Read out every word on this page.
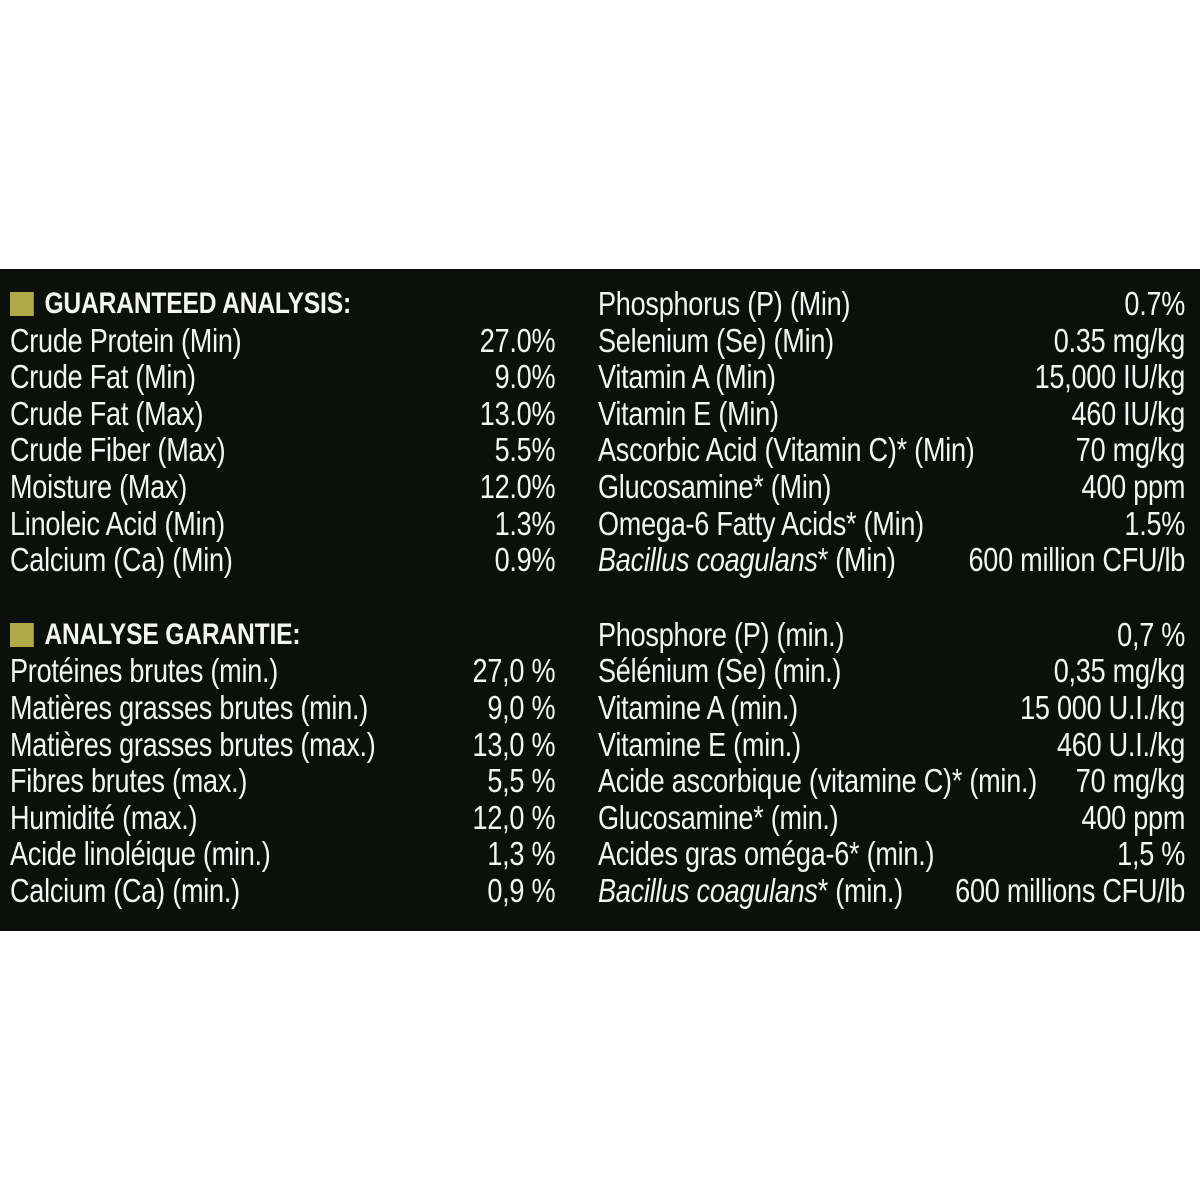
GUARANTEED ANALYSIS:
Crude Protein (Min)	27.0%
Crude Fat (Min)	9.0%
Crude Fat (Max)	13.0%
Crude Fiber (Max)	5.5%
Moisture (Max)	12.0%
Linoleic Acid (Min)	1.3%
Calcium (Ca) (Min)	0.9%
Phosphorus (P) (Min)	0.7%
Selenium (Se) (Min)	0.35 mg/kg
Vitamin A (Min)	15,000 IU/kg
Vitamin E (Min)	460 IU/kg
Ascorbic Acid (Vitamin C)* (Min)	70 mg/kg
Glucosamine* (Min)	400 ppm
Omega-6 Fatty Acids* (Min)	1.5%
Bacillus coagulans* (Min) 600 million CFU/lb
ANALYSE GARANTIE:
Protéines brutes (min.)	27,0 %
Matières grasses brutes (min.)	9,0 %
Matières grasses brutes (max.)	13,0 %
Fibres brutes (max.)	5,5 %
Humidité (max.)	12,0 %
Acide linoléique (min.)	1,3 %
Calcium (Ca) (min.)	0,9 %
Phosphore (P) (min.)	0,7 %
Sélénium (Se) (min.)	0,35 mg/kg
Vitamine A (min.)	15 000 U.I./kg
Vitamine E (min.)	460 U.I./kg
Acide ascorbique (vitamine C)* (min.) 70 mg/kg
Glucosamine* (min.)	400 ppm
Acides gras oméga-6* (min.)	1,5 %
Bacillus coagulans* (min.) 600 millions CFU/lb
